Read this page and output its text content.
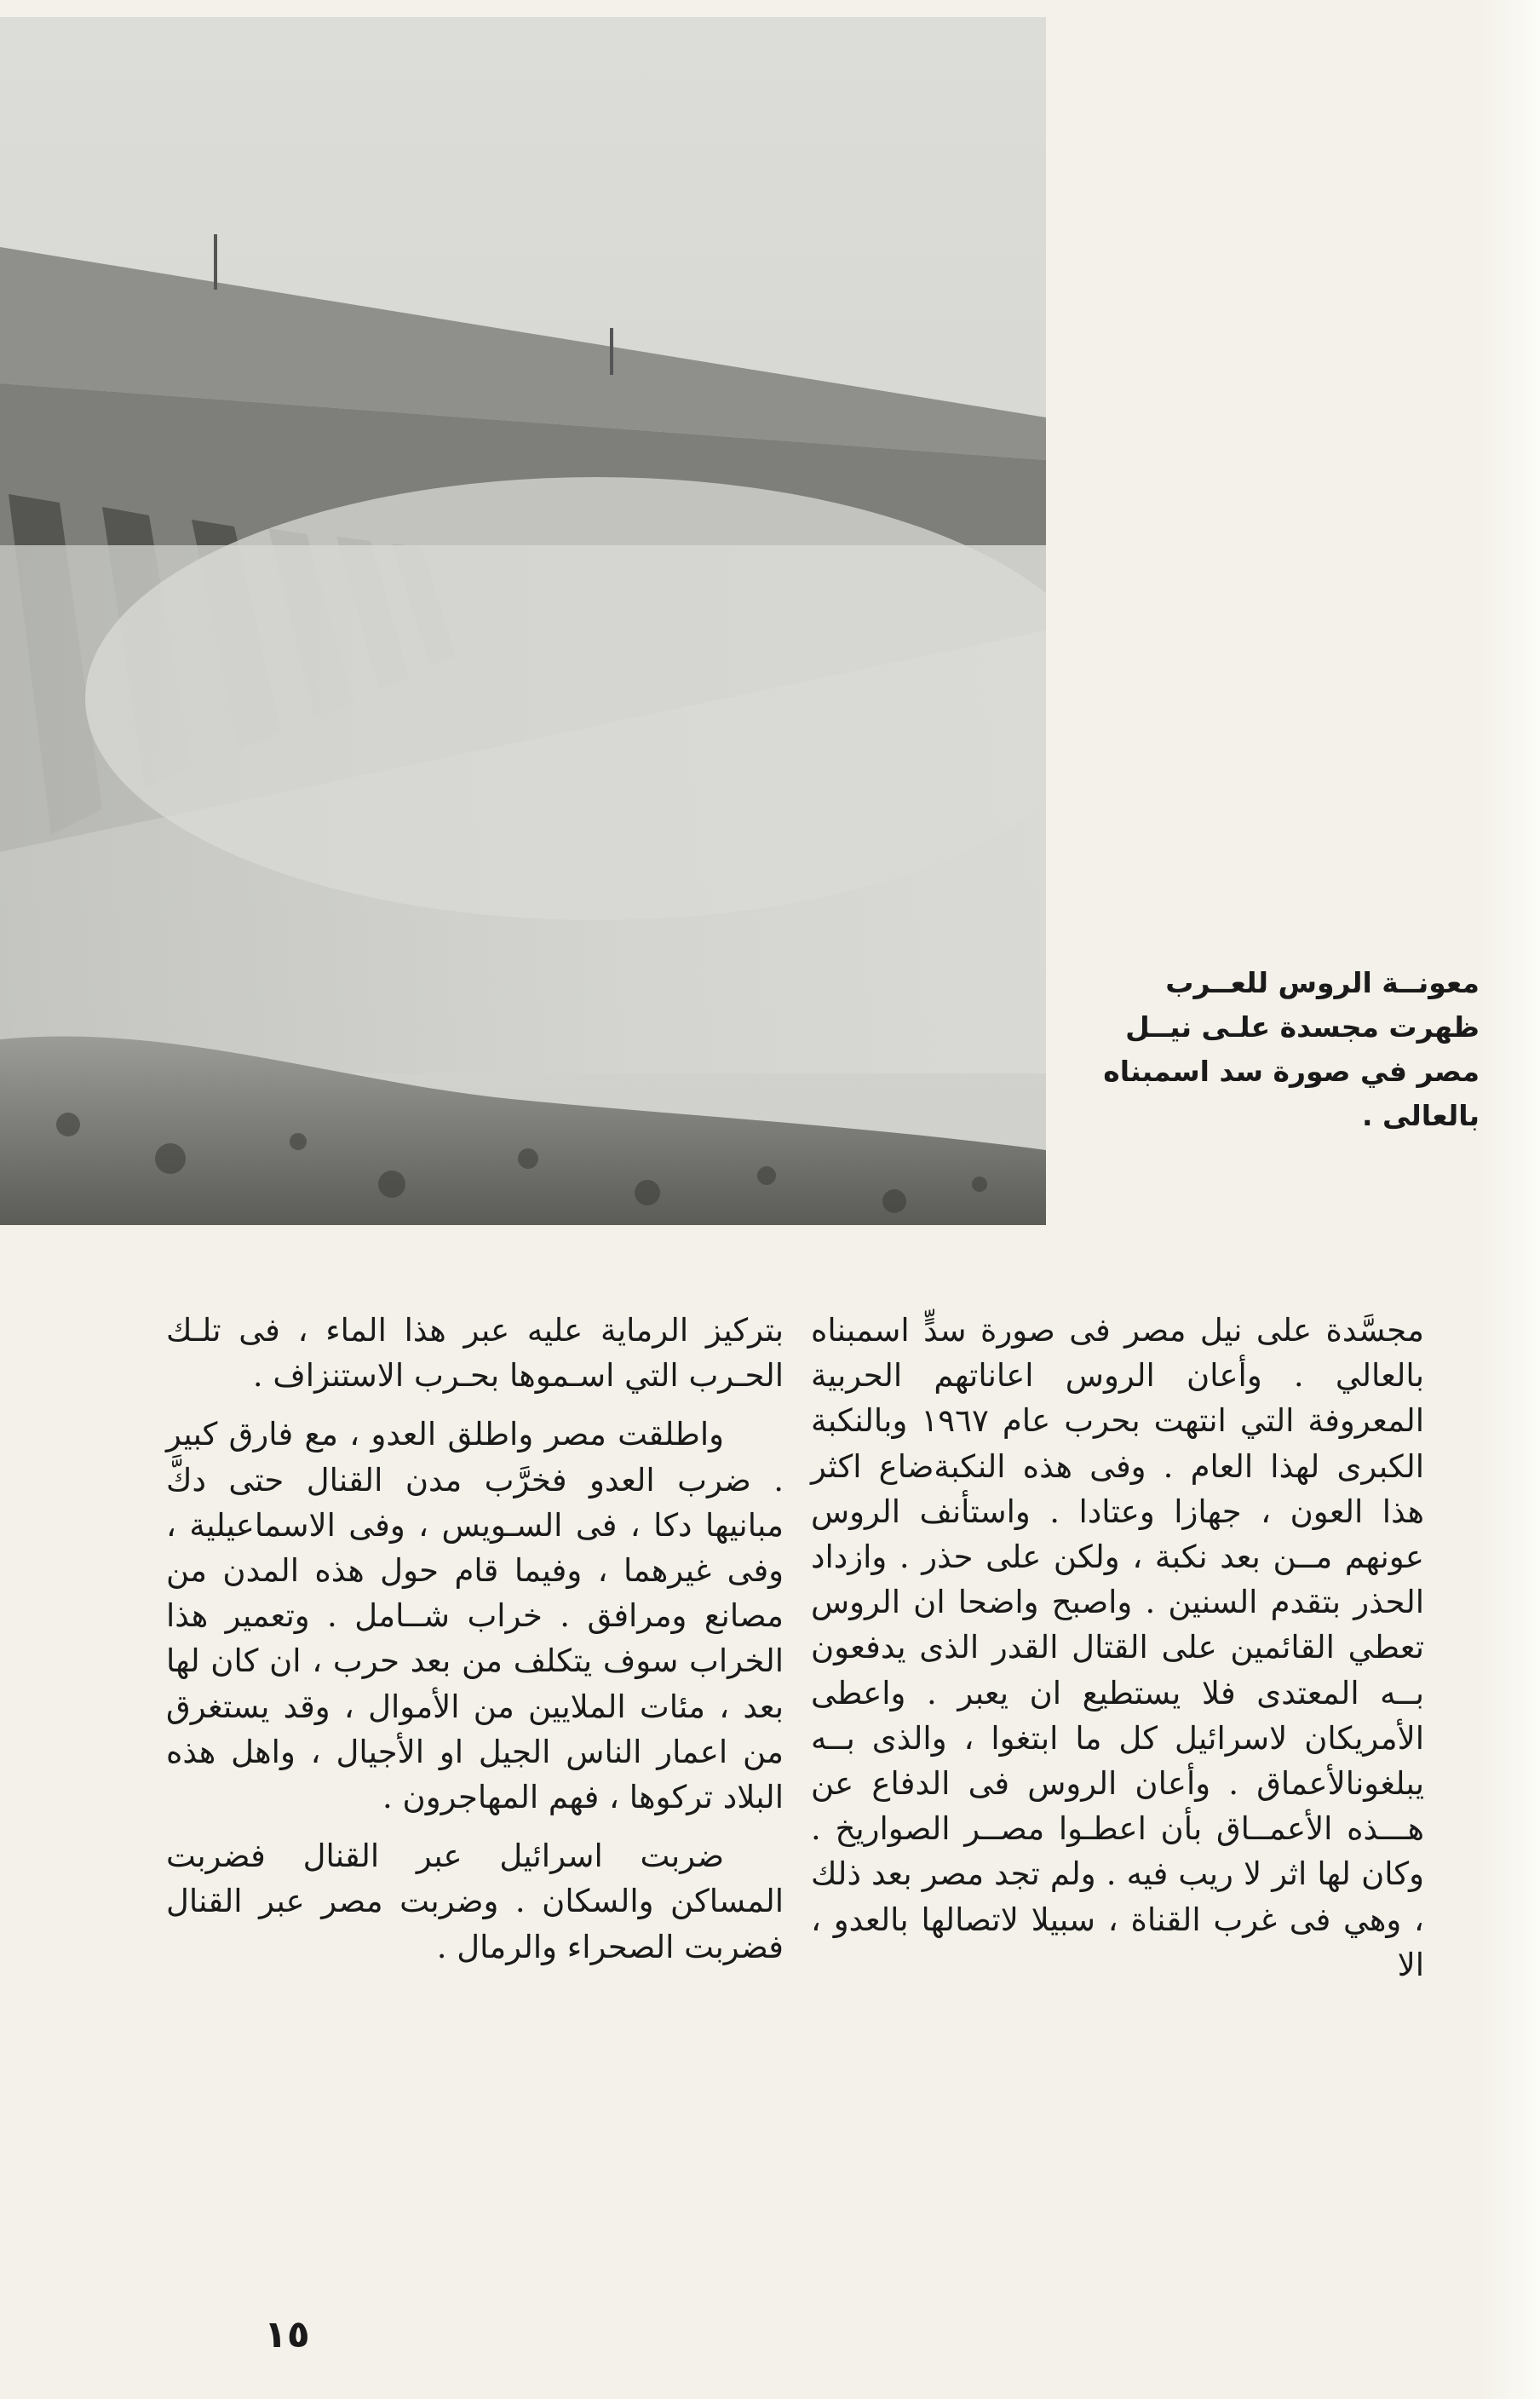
معونــة الروس للعــرب

ظهرت مجسدة علـى نيــل

مصر في صورة سد اسمبناه

بالعالى .

مجسَّدة على نيل مصر فى صورة سدٍّ اسمبناه بالعالي . وأعان الروس اعاناتهم الحربية المعروفة التي انتهت بحرب عام ١٩٦٧ وبالنكبة الكبرى لهذا العام . وفى هذه النكبةضاع اكثر هذا العون ، جهازا وعتادا . واستأنف الروس عونهم مــن بعد نكبة ، ولكن على حذر . وازداد الحذر بتقدم السنين . واصبح واضحا ان الروس تعطي القائمين على القتال القدر الذى يدفعون بــه المعتدى فلا يستطيع ان يعبر . واعطى الأمريكان لاسرائيل كل ما ابتغوا ، والذى بــه يبلغونالأعماق . وأعان الروس فى الدفاع عن هـــذه الأعمــاق بأن اعطـوا مصــر الصواريخ . وكان لها اثر لا ريب فيه . ولم تجد مصر بعد ذلك ، وهي فى غرب القناة ، سبيلا لاتصالها بالعدو ، الا

بتركيز الرماية عليه عبر هذا الماء ، فى تلـك الحـرب التي اسـموها بحـرب الاستنزاف .

واطلقت مصر واطلق العدو ، مع فارق كبير . ضرب العدو فخرَّب مدن القنال حتى دكَّ مبانيها دكا ، فى السـويس ، وفى الاسماعيلية ، وفى غيرهما ، وفيما قام حول هذه المدن من مصانع ومرافق . خراب شــامل . وتعمير هذا الخراب سوف يتكلف من بعد حرب ، ان كان لها بعد ، مئات الملايين من الأموال ، وقد يستغرق من اعمار الناس الجيل او الأجيال ، واهل هذه البلاد تركوها ، فهم المهاجرون .

ضربت اسرائيل عبر القنال فضربت المساكن والسكان . وضربت مصر عبر القنال فضربت الصحراء والرمال .

١٥
